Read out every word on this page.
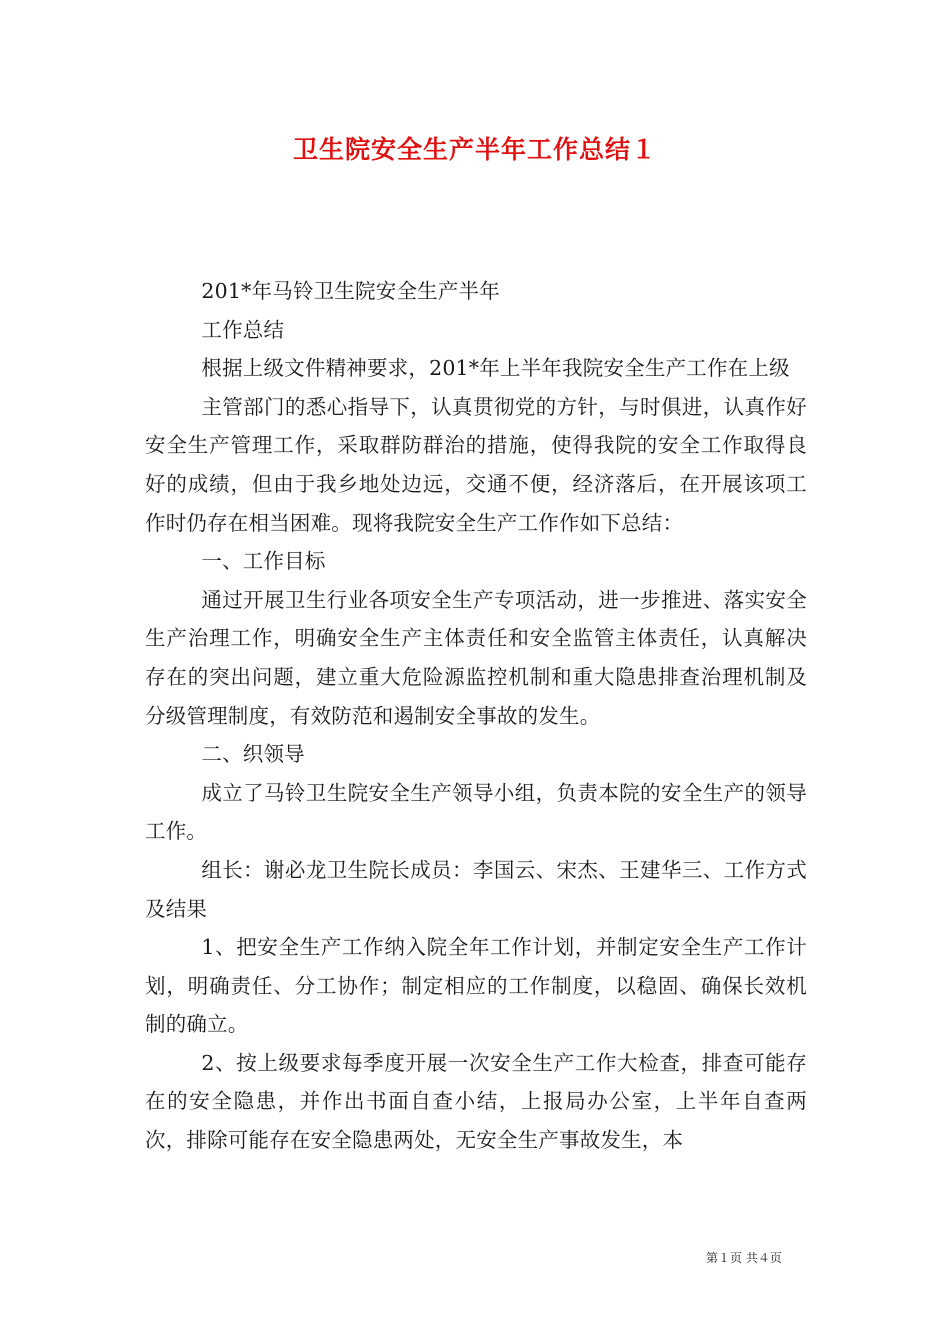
卫生院安全生产半年工作总结１

201*年马铃卫生院安全生产半年

工作总结

根据上级文件精神要求，201*年上半年我院安全生产工作在上级

主管部门的悉心指导下，认真贯彻党的方针，与时俱进，认真作好安全生产管理工作，采取群防群治的措施，使得我院的安全工作取得良好的成绩，但由于我乡地处边远，交通不便，经济落后，在开展该项工作时仍存在相当困难。现将我院安全生产工作作如下总结：

一、工作目标

通过开展卫生行业各项安全生产专项活动，进一步推进、落实安全生产治理工作，明确安全生产主体责任和安全监管主体责任，认真解决存在的突出问题，建立重大危险源监控机制和重大隐患排查治理机制及分级管理制度，有效防范和遏制安全事故的发生。

二、织领导

成立了马铃卫生院安全生产领导小组，负责本院的安全生产的领导工作。

组长：谢必龙卫生院长成员：李国云、宋杰、王建华三、工作方式及结果

1、把安全生产工作纳入院全年工作计划，并制定安全生产工作计划，明确责任、分工协作；制定相应的工作制度，以稳固、确保长效机制的确立。

2、按上级要求每季度开展一次安全生产工作大检查，排查可能存在的安全隐患，并作出书面自查小结，上报局办公室，上半年自查两次，排除可能存在安全隐患两处，无安全生产事故发生，本

第１页 共４页
